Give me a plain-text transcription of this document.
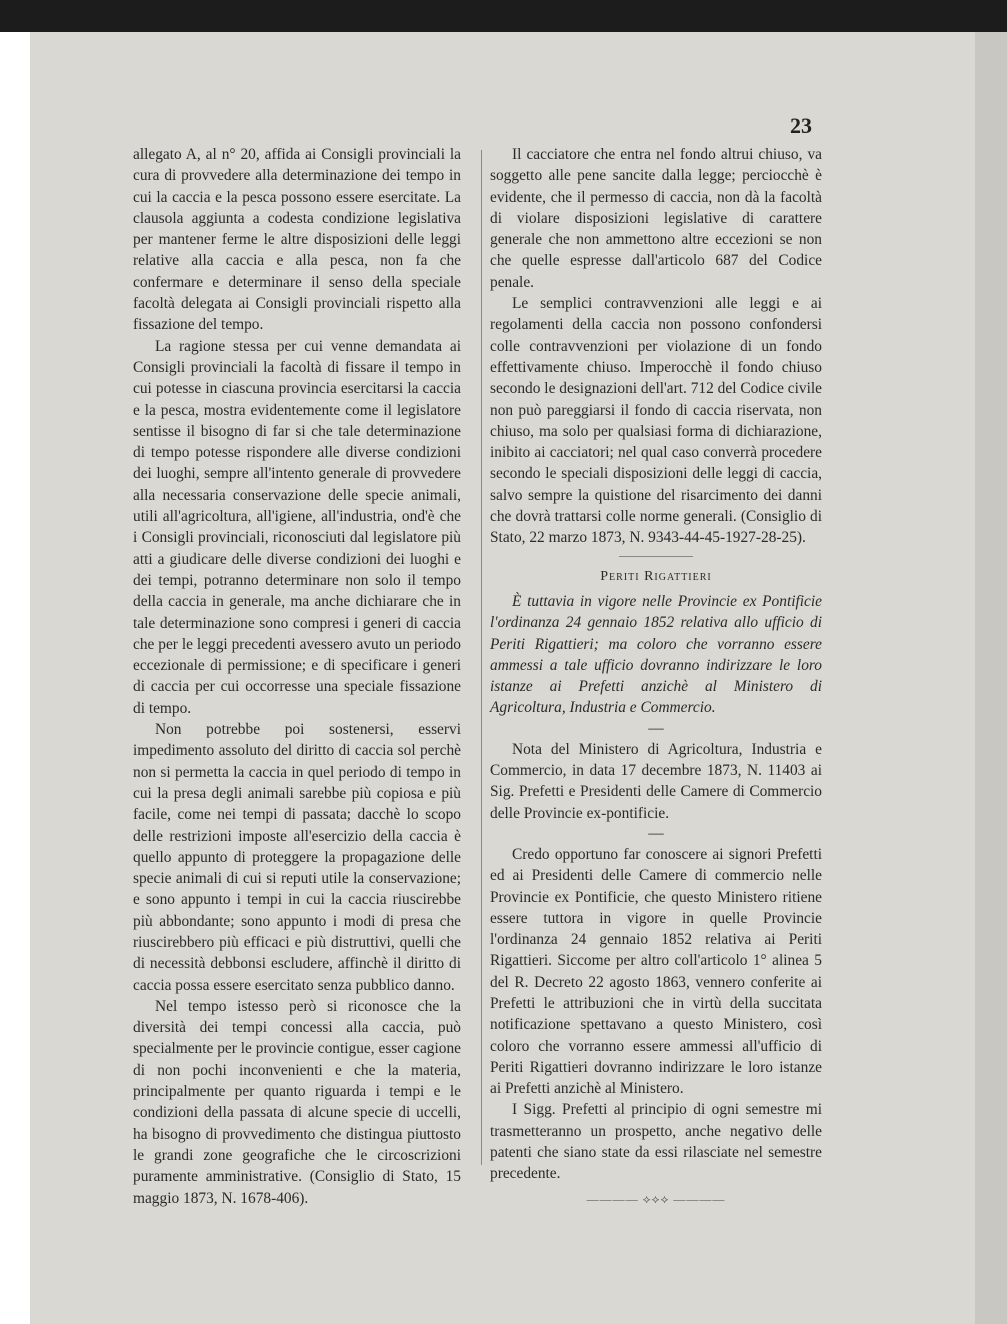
23

allegato A, al n° 20, affida ai Consigli provinciali la cura di provvedere alla determinazione dei tempo in cui la caccia e la pesca possono essere esercitate. La clausola aggiunta a codesta condizione legislativa per mantener ferme le altre disposizioni delle leggi relative alla caccia e alla pesca, non fa che confermare e determinare il senso della speciale facoltà delegata ai Consigli provinciali rispetto alla fissazione del tempo.

La ragione stessa per cui venne demandata ai Consigli provinciali la facoltà di fissare il tempo in cui potesse in ciascuna provincia esercitarsi la caccia e la pesca, mostra evidentemente come il legislatore sentisse il bisogno di far si che tale determinazione di tempo potesse rispondere alle diverse condizioni dei luoghi, sempre all'intento generale di provvedere alla necessaria conservazione delle specie animali, utili all'agricoltura, all'igiene, all'industria, ond'è che i Consigli provinciali, riconosciuti dal legislatore più atti a giudicare delle diverse condizioni dei luoghi e dei tempi, potranno determinare non solo il tempo della caccia in generale, ma anche dichiarare che in tale determinazione sono compresi i generi di caccia che per le leggi precedenti avessero avuto un periodo eccezionale di permissione; e di specificare i generi di caccia per cui occorresse una speciale fissazione di tempo.

Non potrebbe poi sostenersi, esservi impedimento assoluto del diritto di caccia sol perchè non si permetta la caccia in quel periodo di tempo in cui la presa degli animali sarebbe più copiosa e più facile, come nei tempi di passata; dacchè lo scopo delle restrizioni imposte all'esercizio della caccia è quello appunto di proteggere la propagazione delle specie animali di cui si reputi utile la conservazione; e sono appunto i tempi in cui la caccia riuscirebbe più abbondante; sono appunto i modi di presa che riuscirebbero più efficaci e più distruttivi, quelli che di necessità debbonsi escludere, affinchè il diritto di caccia possa essere esercitato senza pubblico danno.

Nel tempo istesso però si riconosce che la diversità dei tempi concessi alla caccia, può specialmente per le provincie contigue, esser cagione di non pochi inconvenienti e che la materia, principalmente per quanto riguarda i tempi e le condizioni della passata di alcune specie di uccelli, ha bisogno di provvedimento che distingua piuttosto le grandi zone geografiche che le circoscrizioni puramente amministrative. (Consiglio di Stato, 15 maggio 1873, N. 1678-406).

Il cacciatore che entra nel fondo altrui chiuso, va soggetto alle pene sancite dalla legge; perciocchè è evidente, che il permesso di caccia, non dà la facoltà di violare disposizioni legislative di carattere generale che non ammettono altre eccezioni se non che quelle espresse dall'articolo 687 del Codice penale.

Le semplici contravvenzioni alle leggi e ai regolamenti della caccia non possono confondersi colle contravvenzioni per violazione di un fondo effettivamente chiuso. Imperocchè il fondo chiuso secondo le designazioni dell'art. 712 del Codice civile non può pareggiarsi il fondo di caccia riservata, non chiuso, ma solo per qualsiasi forma di dichiarazione, inibito ai cacciatori; nel qual caso converrà procedere secondo le speciali disposizioni delle leggi di caccia, salvo sempre la quistione del risarcimento dei danni che dovrà trattarsi colle norme generali. (Consiglio di Stato, 22 marzo 1873, N. 9343-44-45-1927-28-25).

Periti Rigattieri

È tuttavia in vigore nelle Provincie ex Pontificie l'ordinanza 24 gennaio 1852 relativa allo ufficio di Periti Rigattieri; ma coloro che vorranno essere ammessi a tale ufficio dovranno indirizzare le loro istanze ai Prefetti anzichè al Ministero di Agricoltura, Industria e Commercio.

—

Nota del Ministero di Agricoltura, Industria e Commercio, in data 17 decembre 1873, N. 11403 ai Sig. Prefetti e Presidenti delle Camere di Commercio delle Provincie ex-pontificie.

—

Credo opportuno far conoscere ai signori Prefetti ed ai Presidenti delle Camere di commercio nelle Provincie ex Pontificie, che questo Ministero ritiene essere tuttora in vigore in quelle Provincie l'ordinanza 24 gennaio 1852 relativa ai Periti Rigattieri. Siccome per altro coll'articolo 1° alinea 5 del R. Decreto 22 agosto 1863, vennero conferite ai Prefetti le attribuzioni che in virtù della succitata notificazione spettavano a questo Ministero, così coloro che vorranno essere ammessi all'ufficio di Periti Rigattieri dovranno indirizzare le loro istanze ai Prefetti anzichè al Ministero.

I Sigg. Prefetti al principio di ogni semestre mi trasmetteranno un prospetto, anche negativo delle patenti che siano state da essi rilasciate nel semestre precedente.

———— ⟡⟡⟡ ————
